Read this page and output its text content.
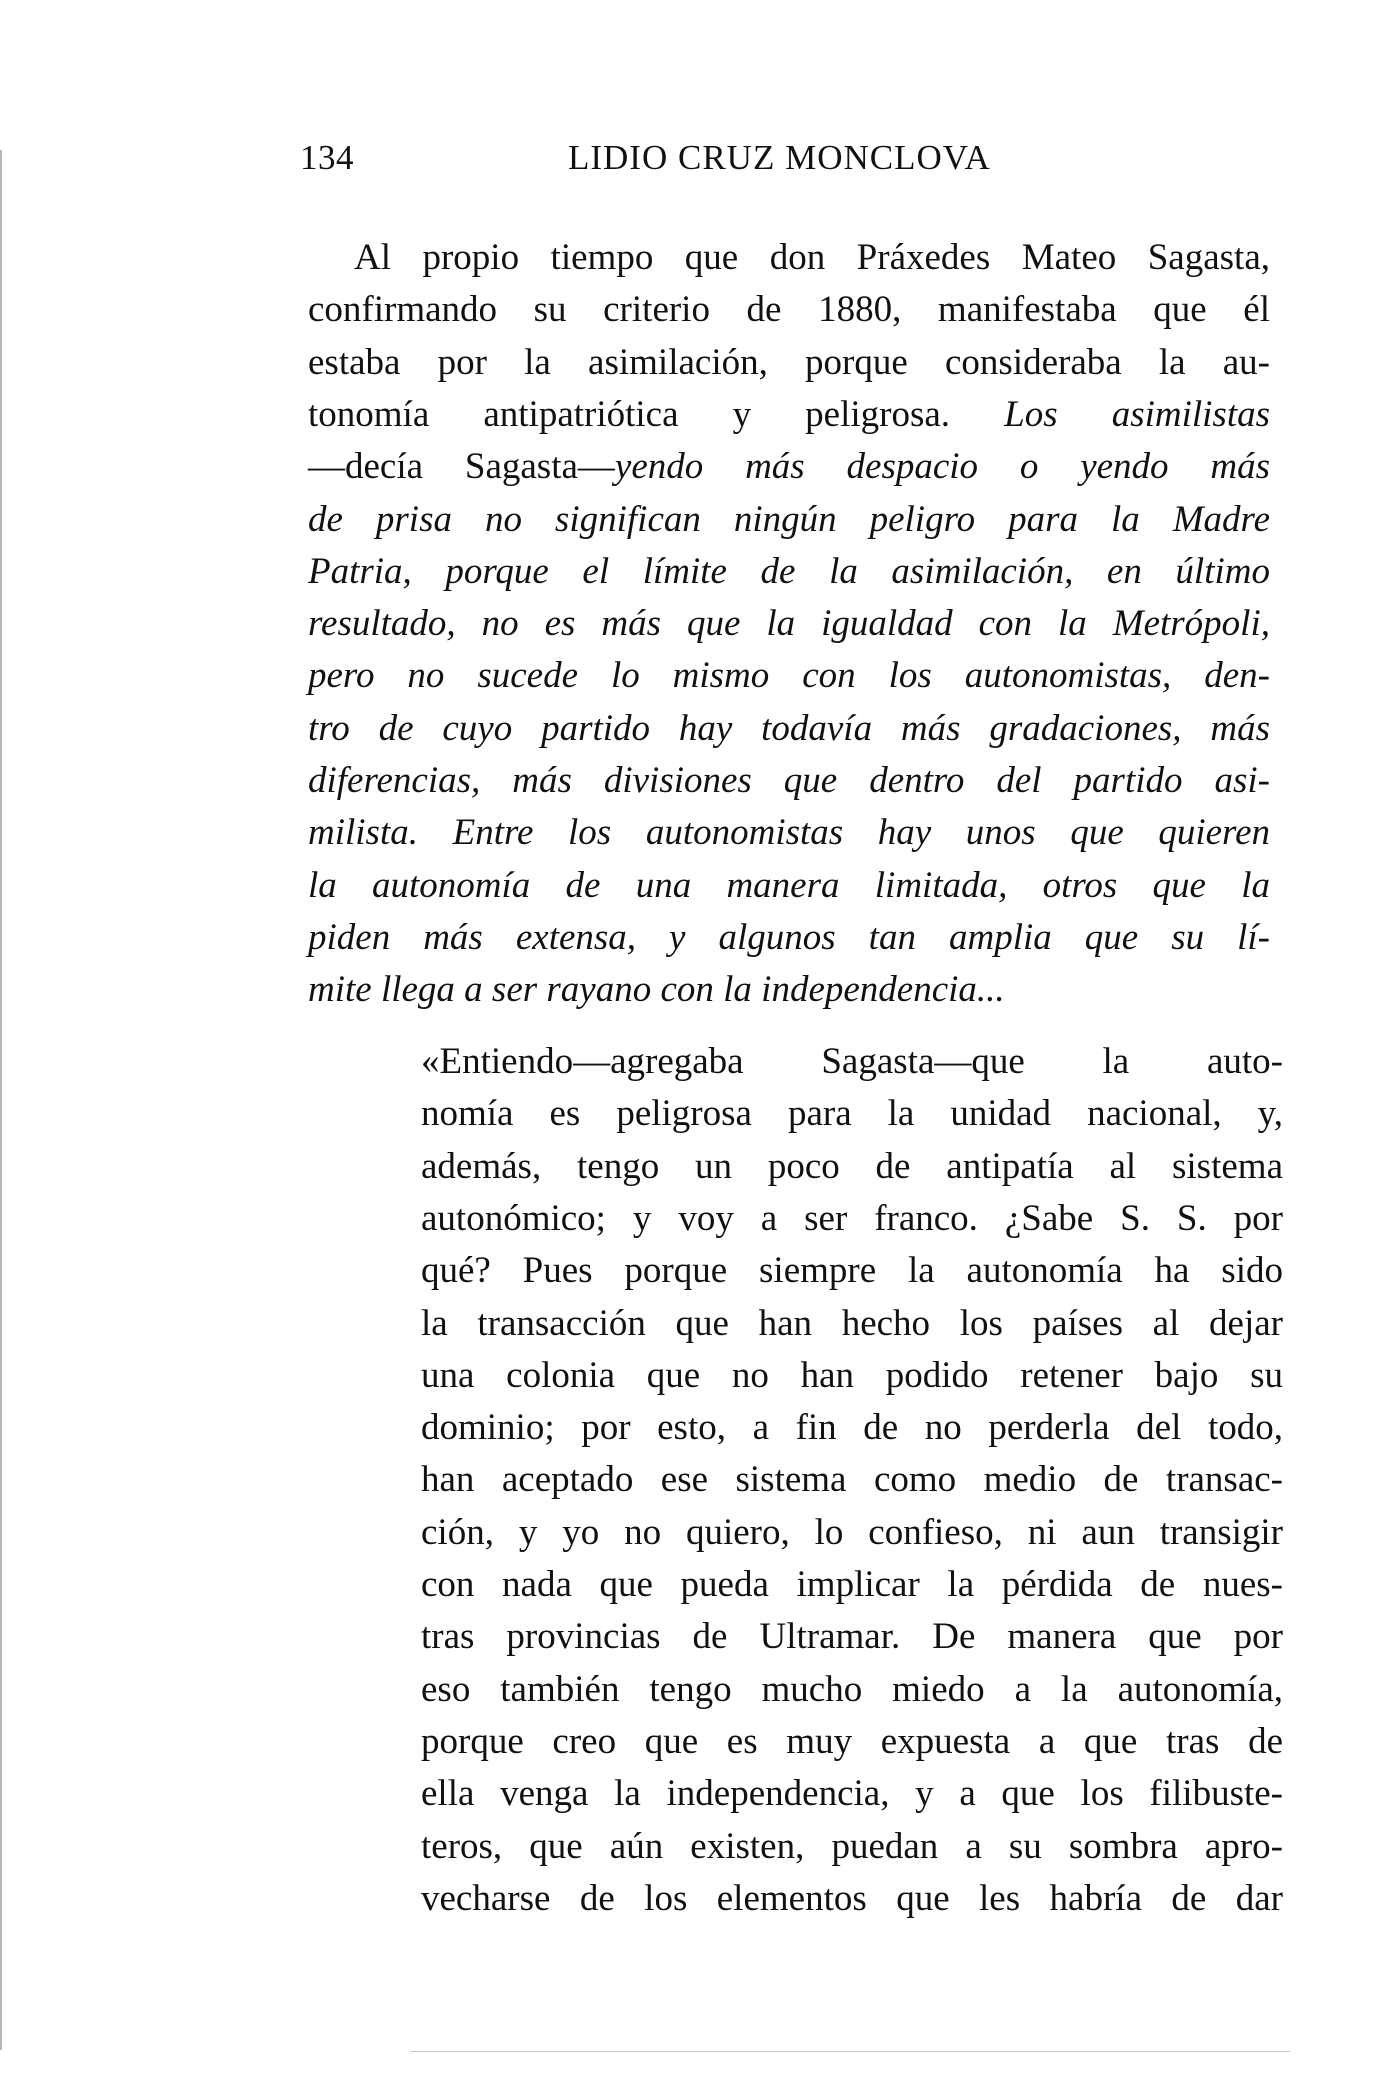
134	LIDIO CRUZ MONCLOVA
Al propio tiempo que don Práxedes Mateo Sagasta,
confirmando su criterio de 1880, manifestaba que él
estaba por la asimilación, porque consideraba la au-
tonomía antipatriótica y peligrosa. Los asimilistas
—decía Sagasta—yendo más despacio o yendo más
de prisa no significan ningún peligro para la Madre
Patria, porque el límite de la asimilación, en último
resultado, no es más que la igualdad con la Metrópoli,
pero no sucede lo mismo con los autonomistas, den-
tro de cuyo partido hay todavía más gradaciones, más
diferencias, más divisiones que dentro del partido asi-
milista. Entre los autonomistas hay unos que quieren
la autonomía de una manera limitada, otros que la
piden más extensa, y algunos tan amplia que su lí-
mite llega a ser rayano con la independencia...
«Entiendo—agregaba Sagasta—que la auto-
nomía es peligrosa para la unidad nacional, y,
además, tengo un poco de antipatía al sistema
autonómico; y voy a ser franco. ¿Sabe S. S. por
qué? Pues porque siempre la autonomía ha sido
la transacción que han hecho los países al dejar
una colonia que no han podido retener bajo su
dominio; por esto, a fin de no perderla del todo,
han aceptado ese sistema como medio de transac-
ción, y yo no quiero, lo confieso, ni aun transigir
con nada que pueda implicar la pérdida de nues-
tras provincias de Ultramar. De manera que por
eso también tengo mucho miedo a la autonomía,
porque creo que es muy expuesta a que tras de
ella venga la independencia, y a que los filibuste-
teros, que aún existen, puedan a su sombra apro-
vecharse de los elementos que les habría de dar
